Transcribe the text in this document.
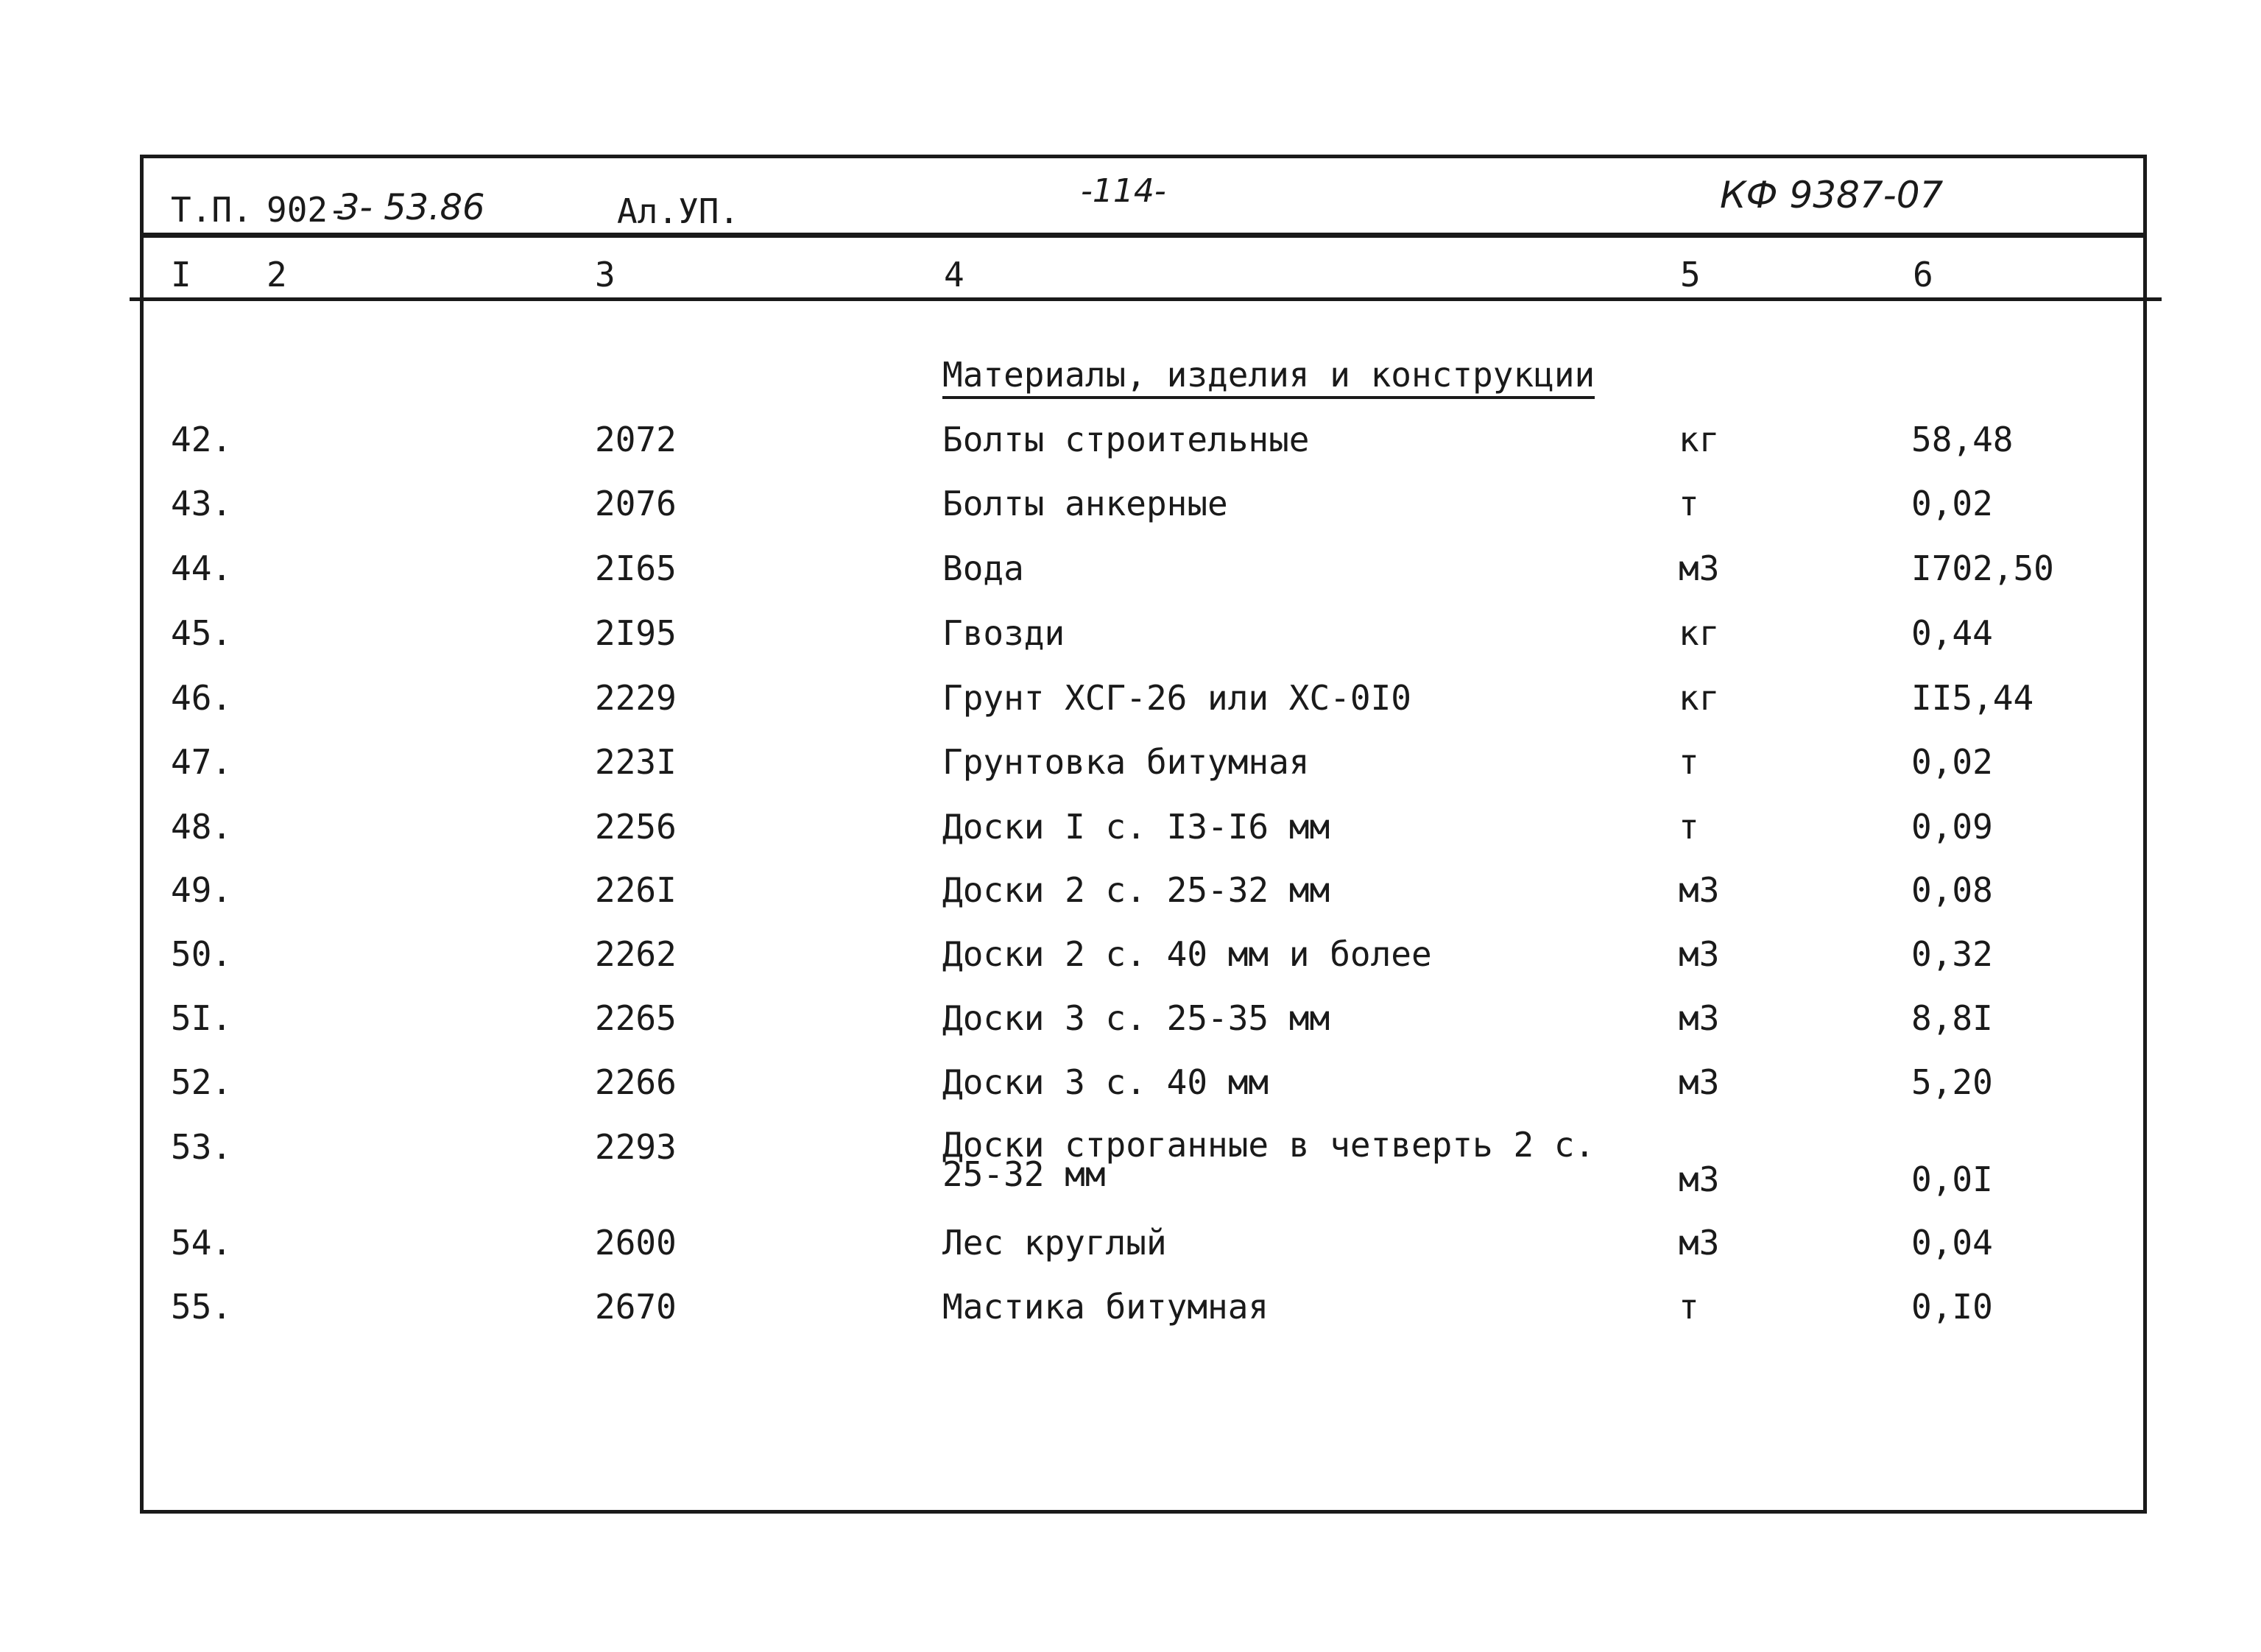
Т.П. 902-
3- 53.86	Ал.УП.
-114-	КФ 9387-07
I 2	3	4	5	6
Материалы, изделия и конструкции
42.	2072	Болты строительные	кг	58,48
43.	2076	Болты анкерные	т	0,02
44.	2I65	Вода	м3	I702,50
45.	2I95	Гвозди	кг	0,44
46.	2229	Грунт ХСГ-26 или ХС-0I0	кг	II5,44
47.	223I	Грунтовка битумная	т	0,02
48.	2256	Доски I с. I3-I6 мм	т	0,09
49.	226I	Доски 2 с. 25-32 мм	м3	0,08
50.	2262	Доски 2 с. 40 мм и более	м3	0,32
5I.	2265	Доски 3 с. 25-35 мм	м3	8,8I
52.	2266	Доски 3 с. 40 мм	м3	5,20
53.	2293	Доски строганные в четверть 2 с. 25-32 мм	м3	0,0I
54.	2600	Лес круглый	м3	0,04
55.	2670	Мастика битумная	т	0,I0
